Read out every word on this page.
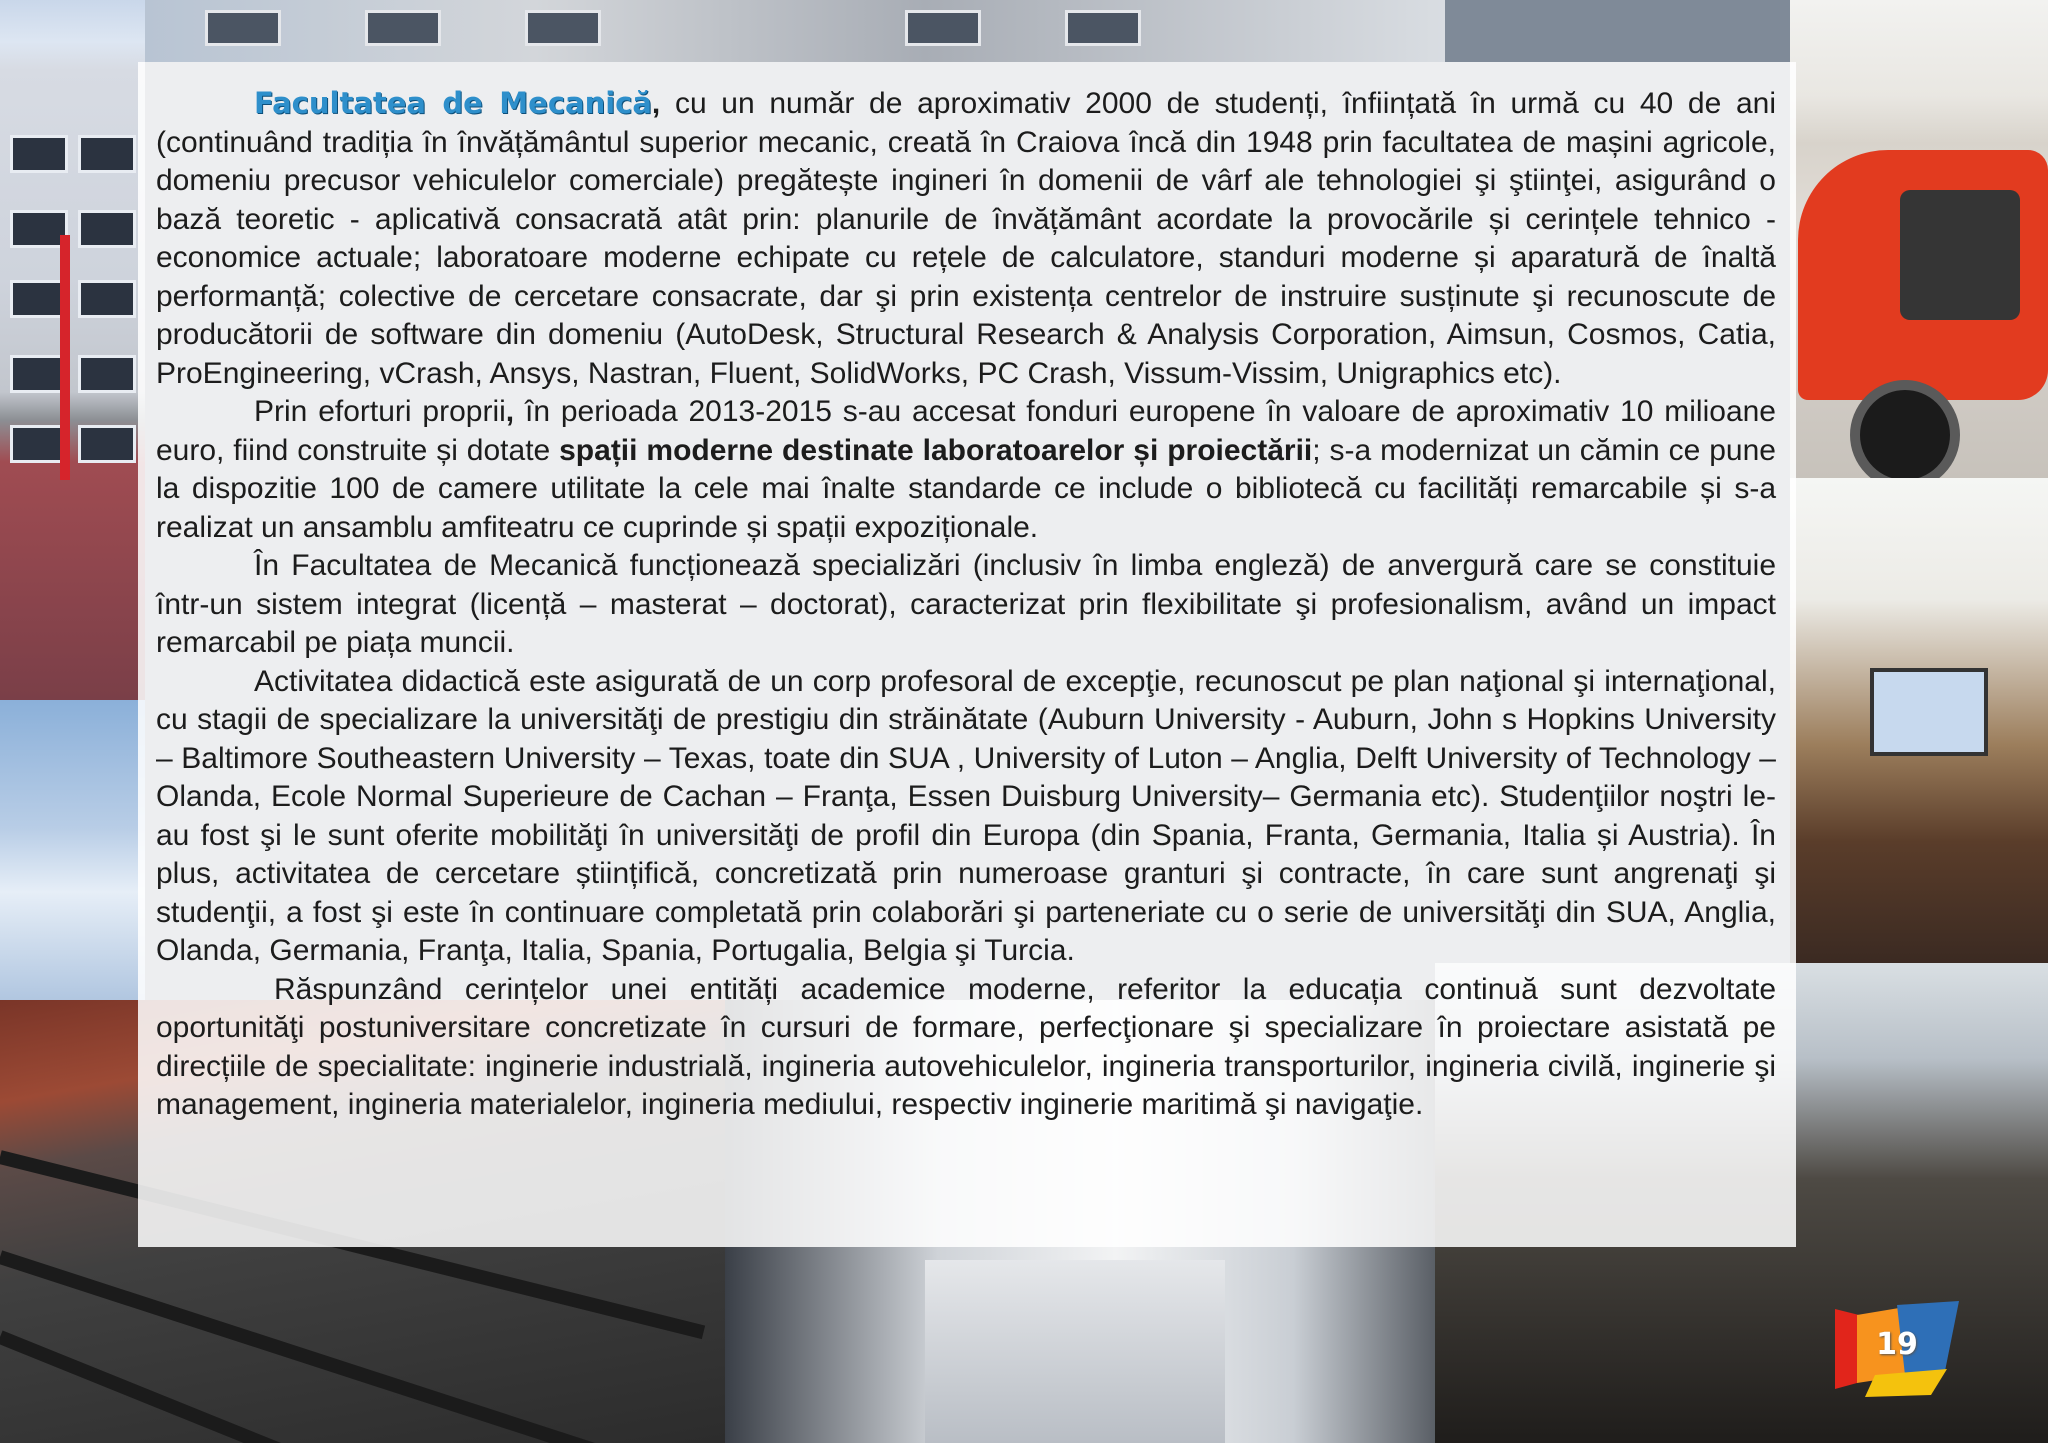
Facultatea de Mecanică, cu un număr de aproximativ 2000 de studenți, înființată în urmă cu 40 de ani (continuând tradiția în învățământul superior mecanic, creată în Craiova încă din 1948 prin facultatea de mașini agricole, domeniu precusor vehiculelor comerciale) pregătește ingineri în domenii de vârf ale tehnologiei şi ştiinţei, asigurând o bază teoretic - aplicativă consacrată atât prin: planurile de învățământ acordate la provocările și cerințele tehnico - economice actuale; laboratoare moderne echipate cu rețele de calculatore, standuri moderne și aparatură de înaltă performanță; colective de cercetare consacrate, dar şi prin existența centrelor de instruire susținute şi recunoscute de producătorii de software din domeniu (AutoDesk, Structural Research & Analysis Corporation, Aimsun, Cosmos, Catia, ProEngineering, vCrash, Ansys, Nastran, Fluent, SolidWorks, PC Crash, Vissum-Vissim, Unigraphics etc).

Prin eforturi proprii, în perioada 2013-2015 s-au accesat fonduri europene în valoare de aproximativ 10 milioane euro, fiind construite și dotate spații moderne destinate laboratoarelor și proiectării; s-a modernizat un cămin ce pune la dispozitie 100 de camere utilitate la cele mai înalte standarde ce include o bibliotecă cu facilități remarcabile și s-a realizat un ansamblu amfiteatru ce cuprinde și spații expoziționale.

În Facultatea de Mecanică funcționează specializări (inclusiv în limba engleză) de anvergură care se constituie într-un sistem integrat (licență – masterat – doctorat), caracterizat prin flexibilitate şi profesionalism, având un impact remarcabil pe piața muncii.

Activitatea didactică este asigurată de un corp profesoral de excepţie, recunoscut pe plan naţional şi internaţional, cu stagii de specializare la universităţi de prestigiu din străinătate (Auburn University - Auburn, John s Hopkins University – Baltimore Southeastern University – Texas, toate din SUA , University of Luton – Anglia, Delft University of Technology – Olanda, Ecole Normal Superieure de Cachan – Franţa, Essen Duisburg University– Germania etc). Studenţiilor noştri le-au fost şi le sunt oferite mobilităţi în universităţi de profil din Europa (din Spania, Franta, Germania, Italia și Austria). În plus, activitatea de cercetare științifică, concretizată prin numeroase granturi şi contracte, în care sunt angrenaţi şi studenţii, a fost şi este în continuare completată prin colaborări şi parteneriate cu o serie de universităţi din SUA, Anglia, Olanda, Germania, Franţa, Italia, Spania, Portugalia, Belgia şi Turcia.

Răspunzând cerințelor unei entități academice moderne, referitor la educația continuă sunt dezvoltate oportunităţi postuniversitare concretizate în cursuri de formare, perfecţionare şi specializare în proiectare asistată pe direcțiile de specialitate: inginerie industrială, ingineria autovehiculelor, ingineria transporturilor, ingineria civilă, inginerie şi management, ingineria materialelor, ingineria mediului, respectiv inginerie maritimă şi navigaţie.

19
